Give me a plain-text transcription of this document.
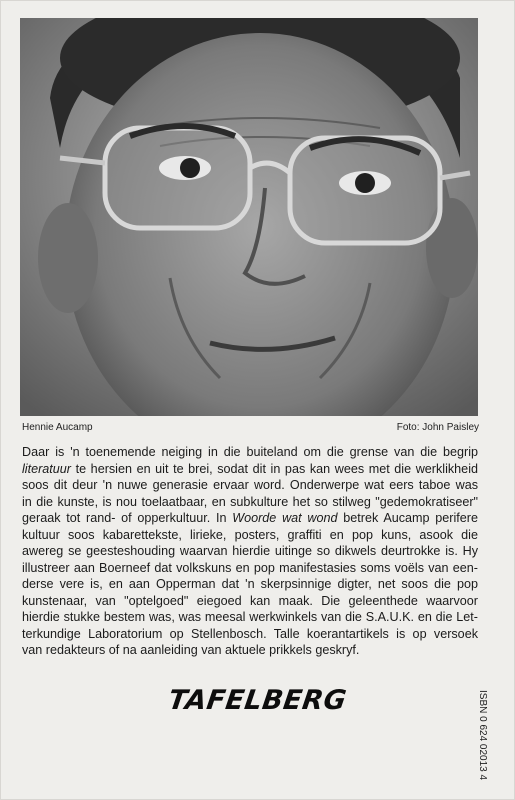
Hennie Aucamp	Foto: John Paisley
Daar is 'n toenemende neiging in die buiteland om die grense van die begrip
literatuur te hersien en uit te brei, sodat dit in pas kan wees met die werklikheid
soos dit deur 'n nuwe generasie ervaar word. Onderwerpe wat eers taboe was
in die kunste, is nou toelaatbaar, en subkulture het so stilweg "gedemokratiseer"
geraak tot rand- of opperkultuur. In Woorde wat wond betrek Aucamp perifere
kultuur soos kabarettekste, lirieke, posters, graffiti en pop kuns, asook die
awereg se geesteshouding waarvan hierdie uitinge so dikwels deurtrokke is. Hy
illustreer aan Boerneef dat volkskuns en pop manifestasies soms voëls van een-
derse vere is, en aan Opperman dat 'n skerpsinnige digter, net soos die pop
kunstenaar, van "optelgoed" eiegoed kan maak. Die geleenthede waarvoor
hierdie stukke bestem was, was meesal werkwinkels van die S.A.U.K. en die Let-
terkundige Laboratorium op Stellenbosch. Talle koerantartikels is op versoek
van redakteurs of na aanleiding van aktuele prikkels geskryf.
TAFELBERG	ISBN 0 624 02013 4
